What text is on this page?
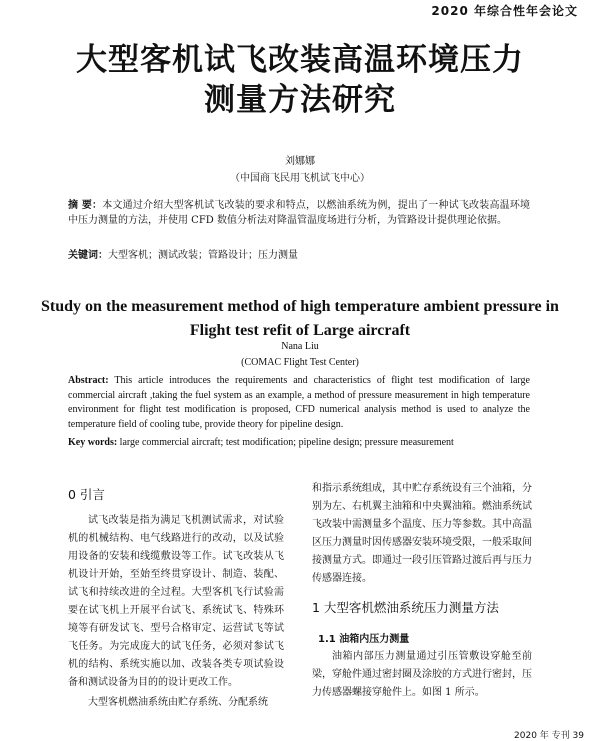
2020 年综合性年会论文
大型客机试飞改装高温环境压力
测量方法研究
刘娜娜
（中国商飞民用飞机试飞中心）
摘 要：本文通过介绍大型客机试飞改装的要求和特点，以燃油系统为例，提出了一种试飞改装高温环境中压力测量的方法，并使用 CFD 数值分析法对降温管温度场进行分析，为管路设计提供理论依据。
关键词：大型客机；测试改装；管路设计；压力测量
Study on the measurement method of high temperature ambient pressure in
Flight test refit of Large aircraft
Nana Liu
(COMAC Flight Test Center)
Abstract: This article introduces the requirements and characteristics of flight test modification of large commercial aircraft ,taking the fuel system as an example, a method of pressure measurement in high temperature environment for flight test modification is proposed, CFD numerical analysis method is used to analyze the temperature field of cooling tube, provide theory for pipeline design.
Key words: large commercial aircraft; test modification; pipeline design; pressure measurement
0 引言
试飞改装是指为满足飞机测试需求，对试验机的机械结构、电气线路进行的改动，以及试验用设备的安装和线缆敷设等工作。试飞改装从飞机设计开始，至始至终贯穿设计、制造、装配、试飞和持续改进的全过程。大型客机飞行试验需要在试飞机上开展平台试飞、系统试飞、特殊环境等有研发试飞、型号合格审定、运营试飞等试飞任务。为完成庞大的试飞任务，必须对参试飞机的结构、系统实施以加、改装各类专项试验设备和测试设备为目的的设计更改工作。
大型客机燃油系统由贮存系统、分配系统
和指示系统组成，其中贮存系统设有三个油箱，分别为左、右机翼主油箱和中央翼油箱。燃油系统试飞改装中需测量多个温度、压力等参数。其中高温区压力测量时因传感器安装环境受限，一般采取间接测量方式。即通过一段引压管路过渡后再与压力传感器连接。
1 大型客机燃油系统压力测量方法
1.1 油箱内压力测量
油箱内部压力测量通过引压管敷设穿舱至前梁，穿舱件通过密封圈及涂胶的方式进行密封，压力传感器螺接穿舱件上。如图 1 所示。
2020 年 专刊 39
